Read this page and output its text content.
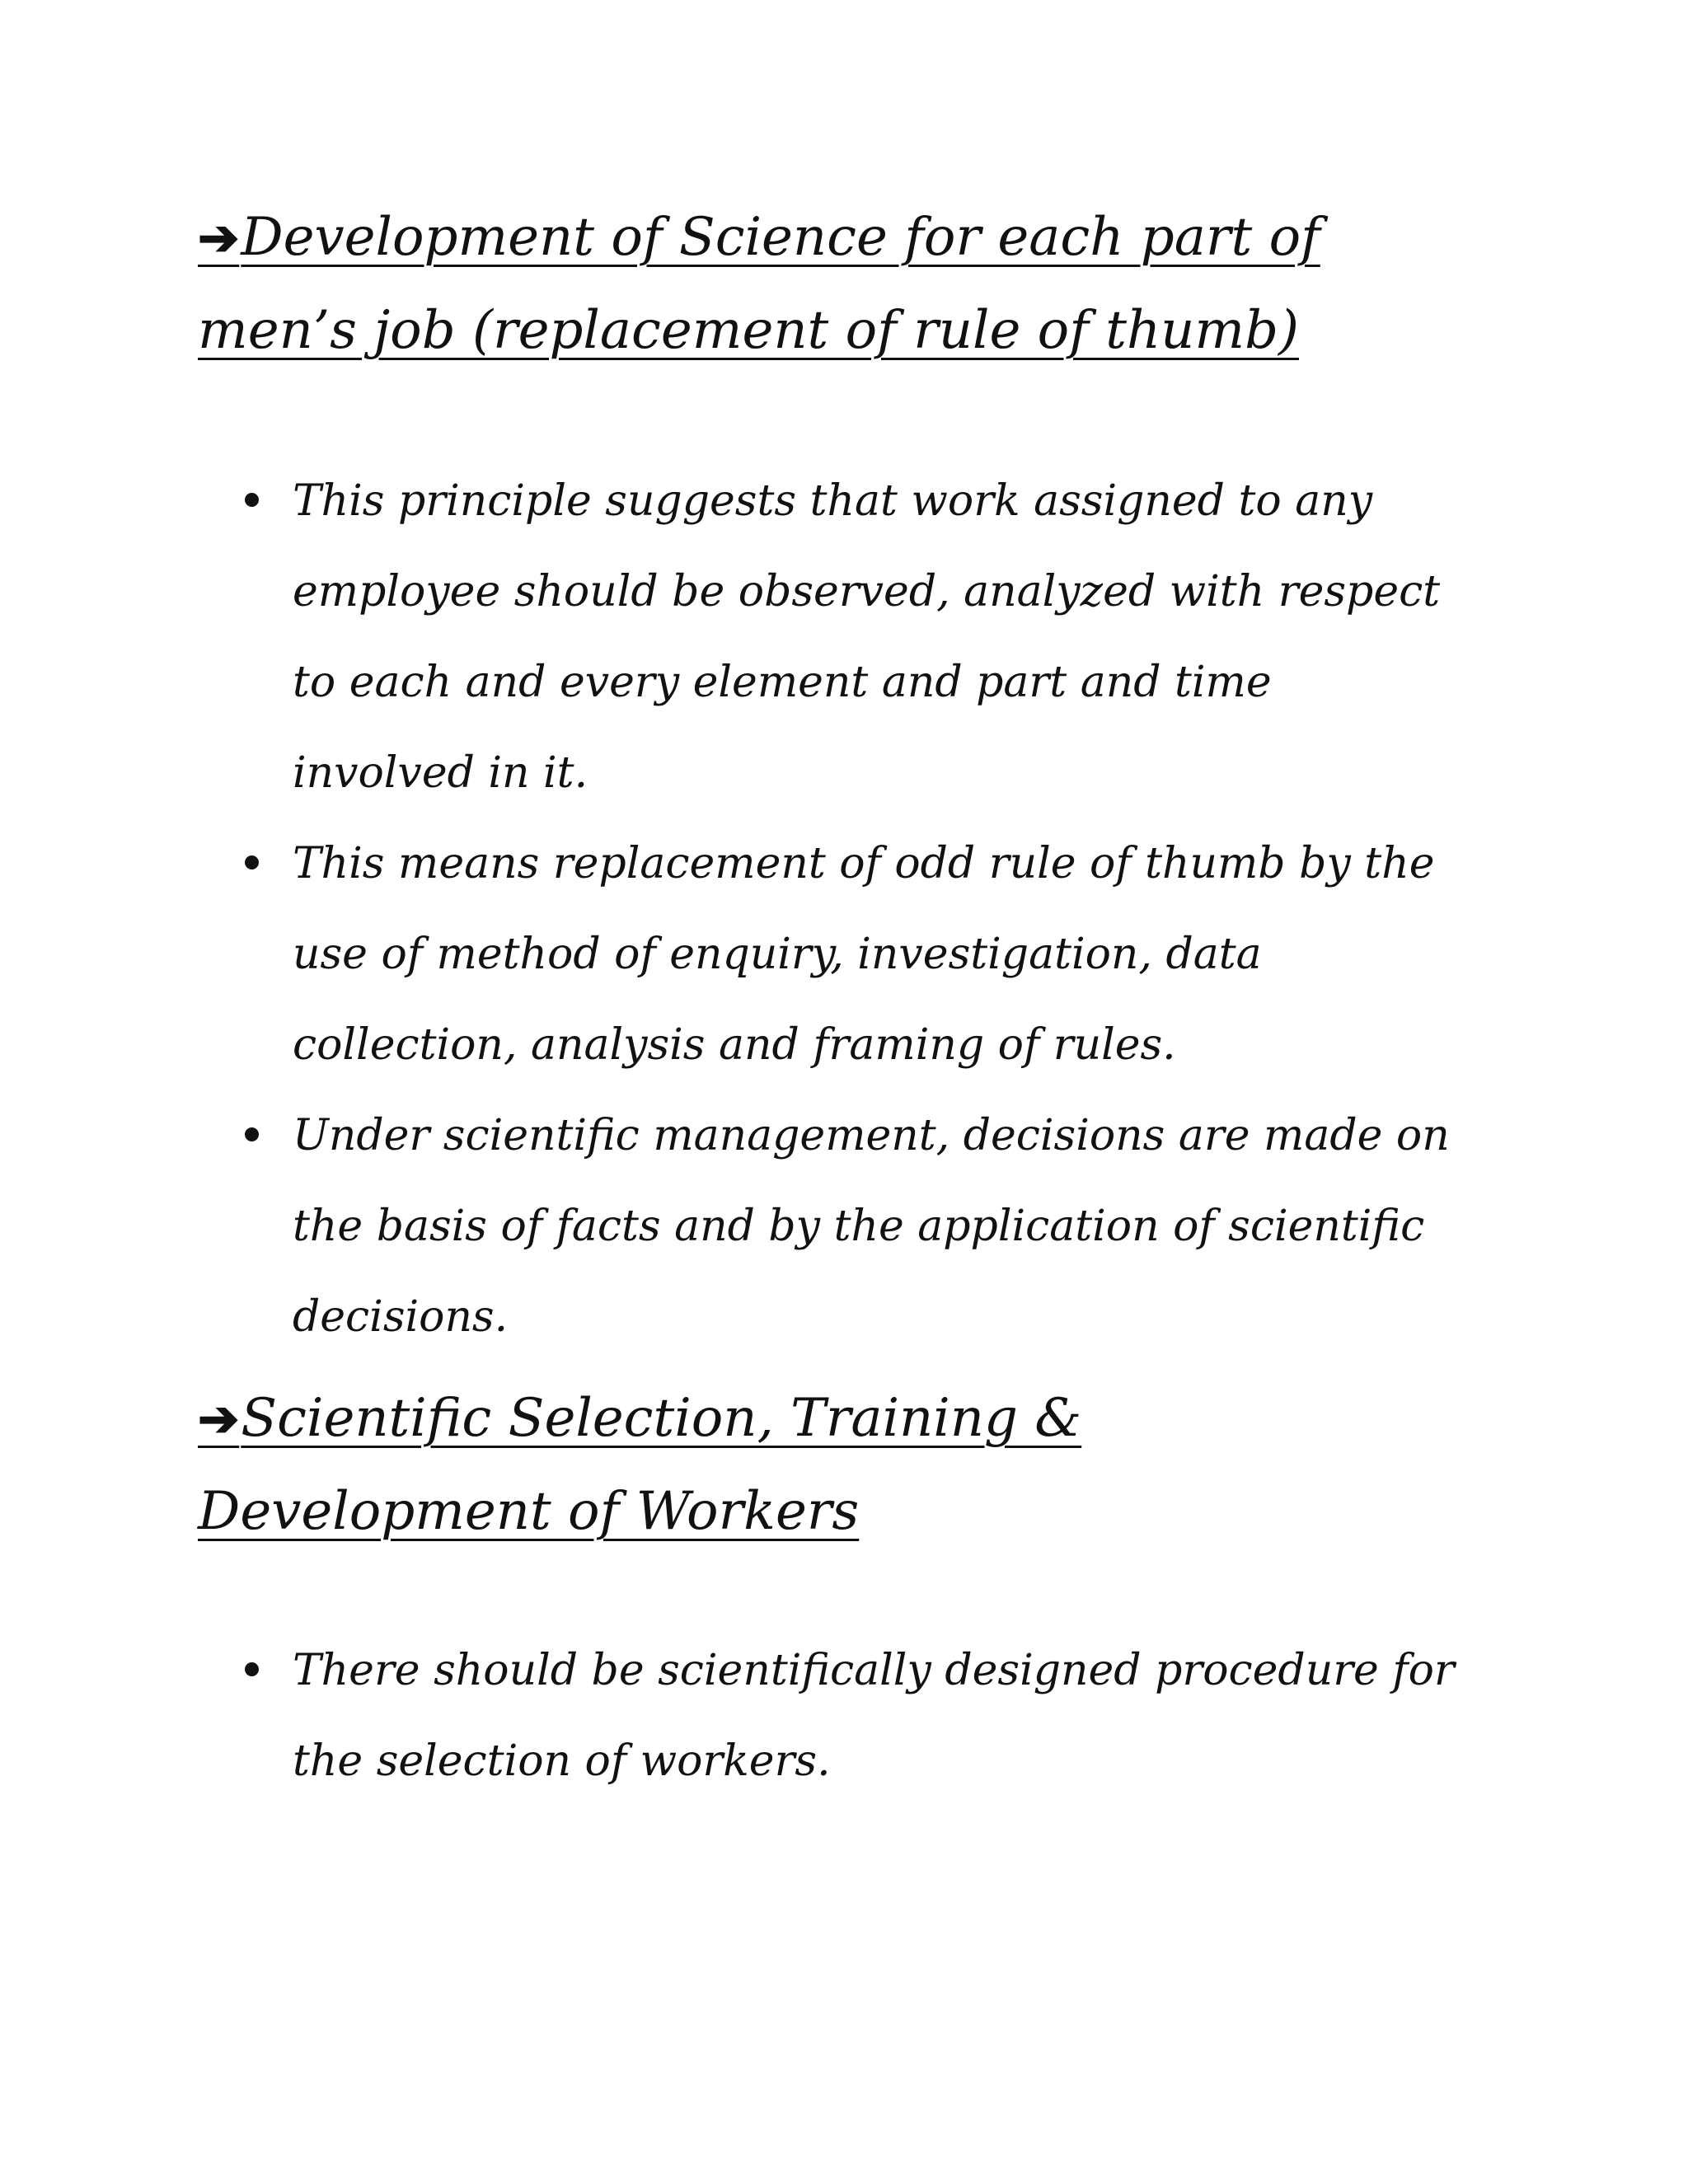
➔Development of Science for each part of
men’s job (replacement of rule of thumb)
This principle suggests that work assigned to any
employee should be observed, analyzed with respect
to each and every element and part and time
involved in it.
This means replacement of odd rule of thumb by the
use of method of enquiry, investigation, data
collection, analysis and framing of rules.
Under scientific management, decisions are made on
the basis of facts and by the application of scientific
decisions.
➔Scientific Selection, Training &
Development of Workers
There should be scientifically designed procedure for
the selection of workers.
